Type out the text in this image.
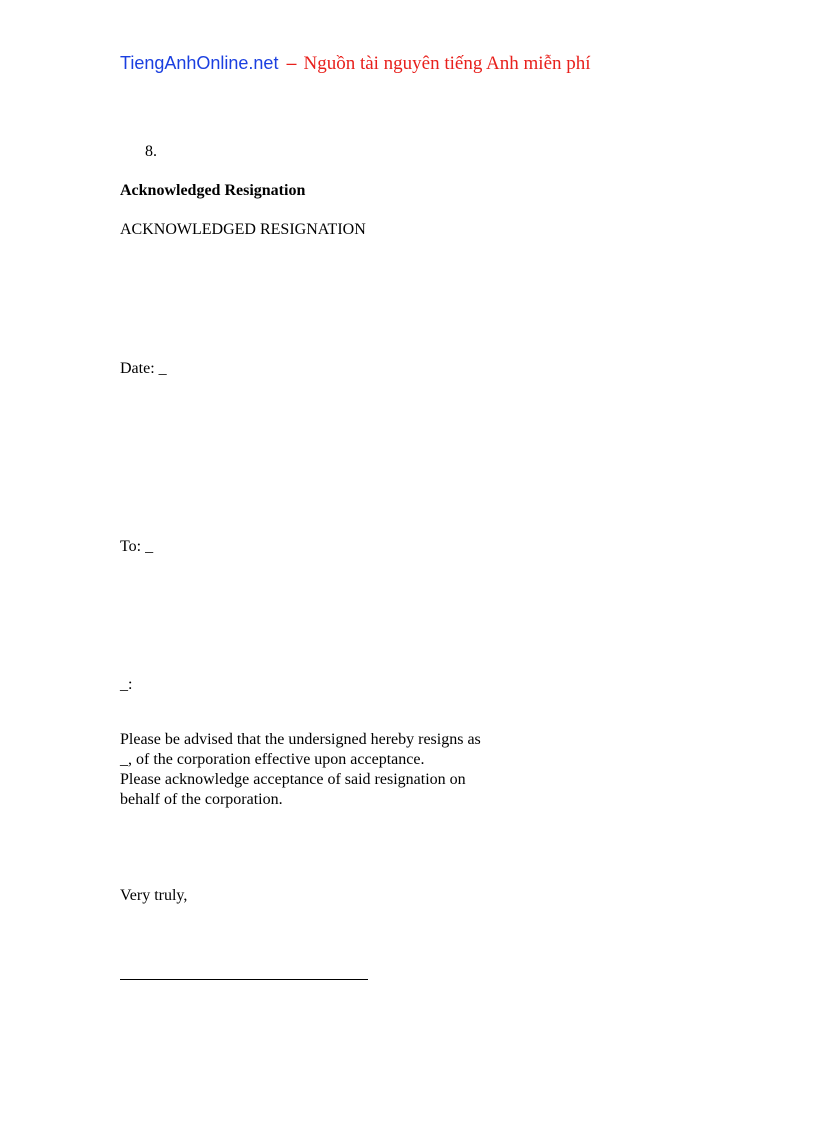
TiengAnhOnline.net – Nguồn tài nguyên tiếng Anh miễn phí
8.
Acknowledged Resignation
ACKNOWLEDGED RESIGNATION
Date: _
To: _
_:
Please be advised that the undersigned hereby resigns as
_, of the corporation effective upon acceptance.
Please acknowledge acceptance of said resignation on
behalf of the corporation.
Very truly,
